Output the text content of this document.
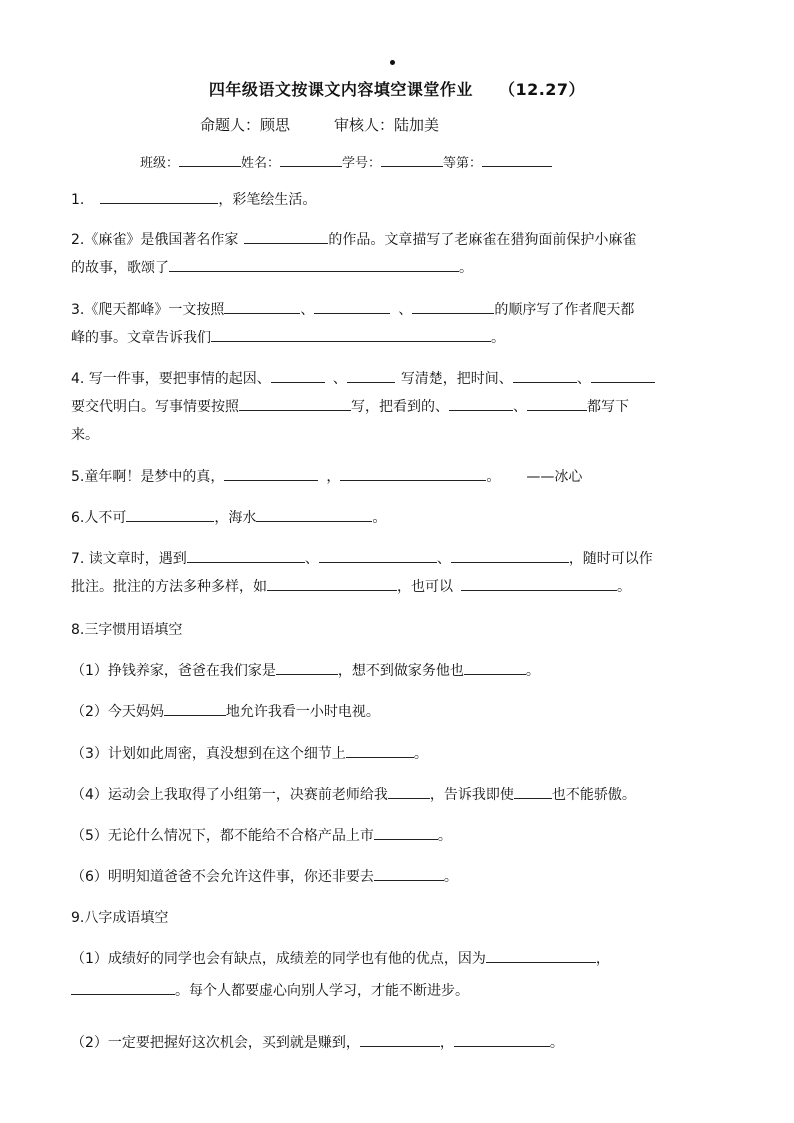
四年级语文按课文内容填空课堂作业 （12.27）
命题人：顾思	审核人：陆加美
班级：	姓名：	学号：	等第：
1.	，彩笔绘生活。
2.《麻雀》是俄国著名作家	的作品。文章描写了老麻雀在猎狗面前保护小麻雀
的故事，歌颂了	。
3.《爬天都峰》一文按照	、	、	的顺序写了作者爬天都
峰的事。文章告诉我们	。
4. 写一件事，要把事情的起因、	、	写清楚，把时间、	、
要交代明白。写事情要按照	写，把看到的、	、	都写下
来。
5.童年啊！是梦中的真，	，	。 ——冰心
6.人不可	，海水	。
7. 读文章时，遇到	、	、	，随时可以作
批注。批注的方法多种多样，如	，也可以	。
8.三字惯用语填空
（1）挣钱养家，爸爸在我们家是	，想不到做家务他也	。
（2）今天妈妈	地允许我看一小时电视。
（3）计划如此周密，真没想到在这个细节上	。
（4）运动会上我取得了小组第一，决赛前老师给我	，告诉我即使	也不能骄傲。
（5）无论什么情况下，都不能给不合格产品上市	。
（6）明明知道爸爸不会允许这件事，你还非要去	。
9.八字成语填空
（1）成绩好的同学也会有缺点，成绩差的同学也有他的优点，因为	，
。每个人都要虚心向别人学习，才能不断进步。
（2）一定要把握好这次机会，买到就是赚到，	，	。
